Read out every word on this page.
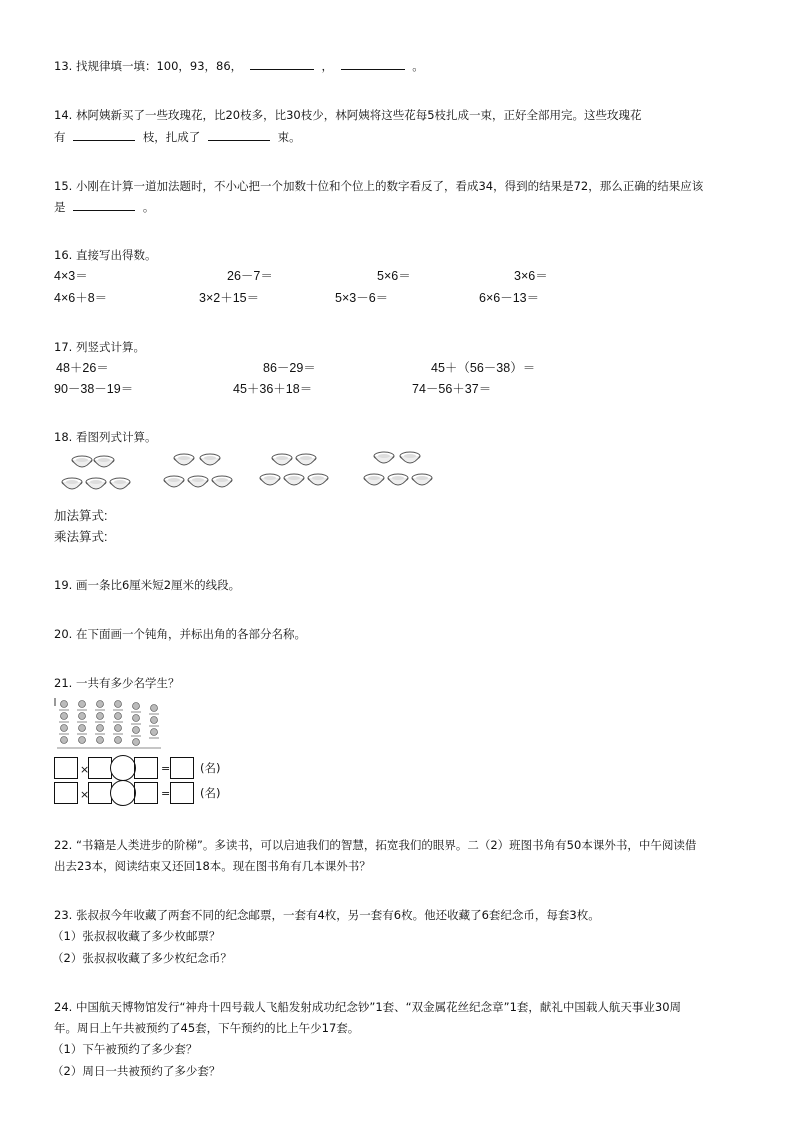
13. 找规律填一填：100，93，86，	，	。
14. 林阿姨新买了一些玫瑰花，比20枝多，比30枝少，林阿姨将这些花每5枝扎成一束，正好全部用完。这些玫瑰花
有	枝，扎成了	束。
15. 小刚在计算一道加法题时，不小心把一个加数十位和个位上的数字看反了，看成34，得到的结果是72，那么正确的结果应该
是	。
16. 直接写出得数。
4×3＝	26－7＝	5×6＝	3×6＝
4×6＋8＝	3×2＋15＝	5×3－6＝	6×6－13＝
17. 列竖式计算。
48＋26＝	86－29＝	45＋（56－38）＝
90－38－19＝	45＋36＋18＝	74－56＋37＝
18. 看图列式计算。
加法算式:
乘法算式:
19. 画一条比6厘米短2厘米的线段。
20. 在下面画一个钝角，并标出角的各部分名称。
21. 一共有多少名学生？
×	=	(名)
×	=	(名)
22. “书籍是人类进步的阶梯”。多读书，可以启迪我们的智慧，拓宽我们的眼界。二（2）班图书角有50本课外书，中午阅读借
出去23本，阅读结束又还回18本。现在图书角有几本课外书？
23. 张叔叔今年收藏了两套不同的纪念邮票，一套有4枚，另一套有6枚。他还收藏了6套纪念币，每套3枚。
（1）张叔叔收藏了多少枚邮票？
（2）张叔叔收藏了多少枚纪念币？
24. 中国航天博物馆发行“神舟十四号载人飞船发射成功纪念钞”1套、“双金属花丝纪念章”1套，献礼中国载人航天事业30周
年。周日上午共被预约了45套，下午预约的比上午少17套。
（1）下午被预约了多少套？
（2）周日一共被预约了多少套？
